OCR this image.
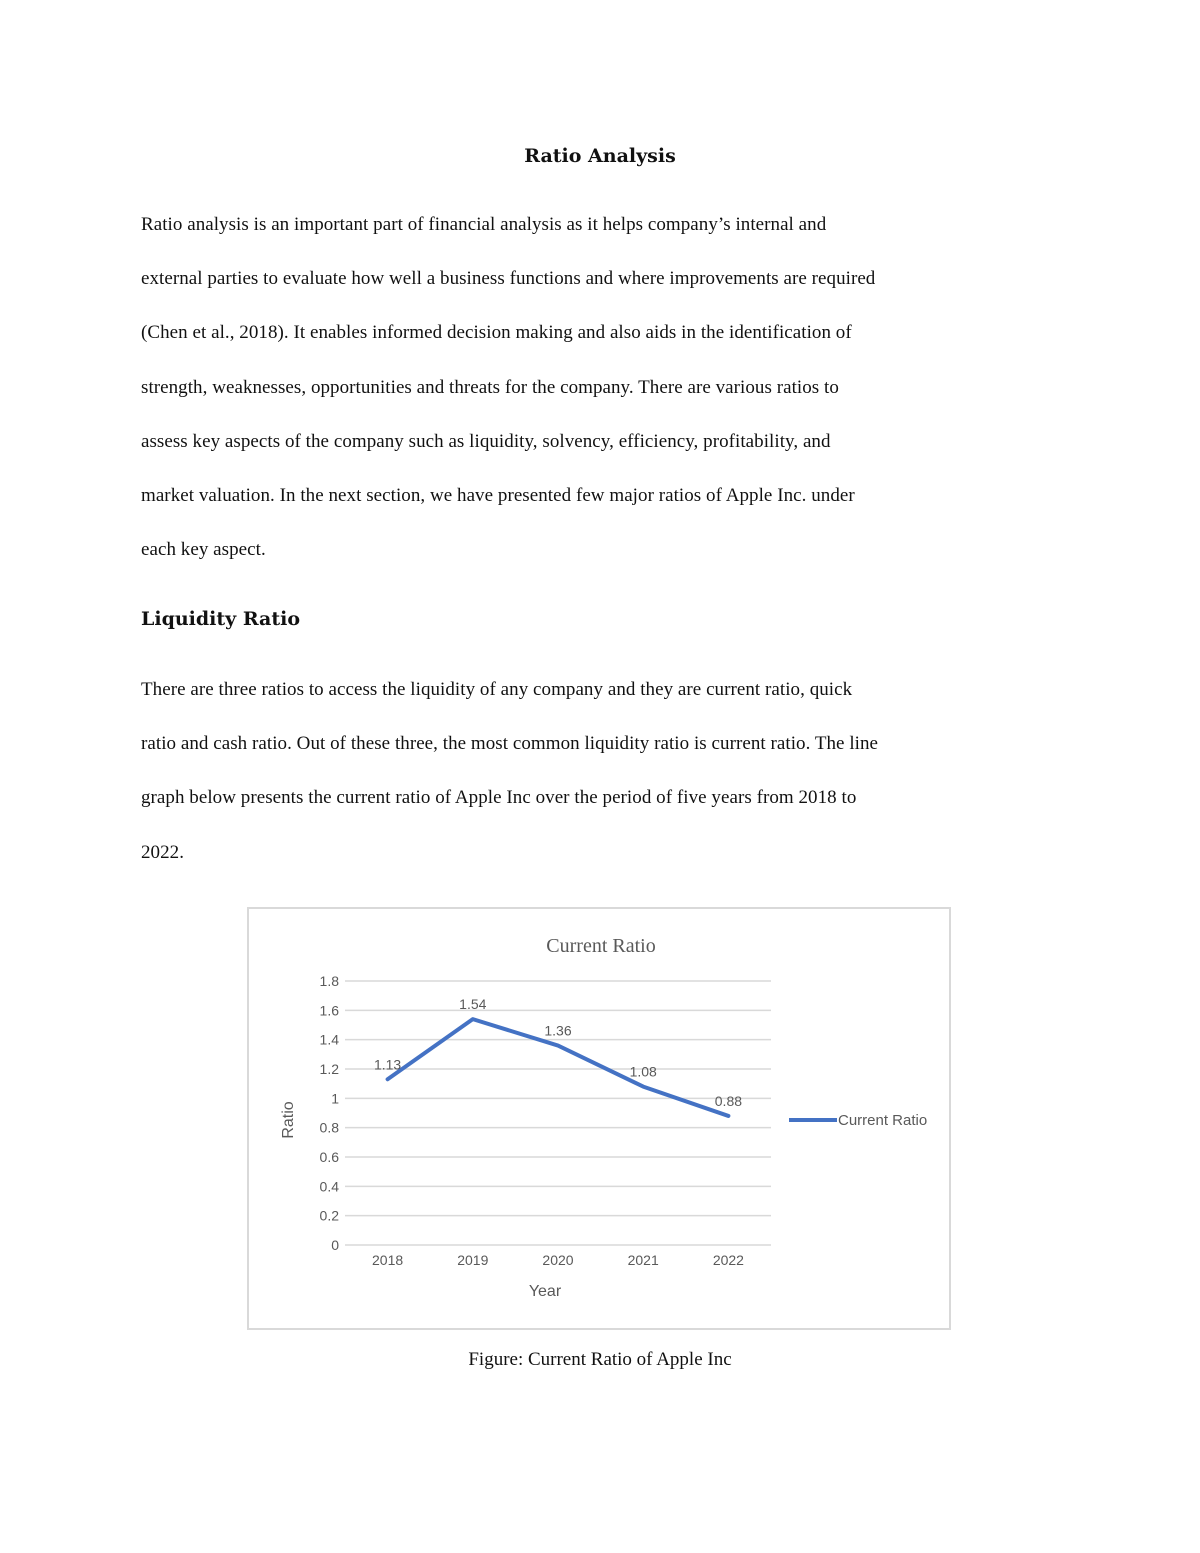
Ratio Analysis

Ratio analysis is an important part of financial analysis as it helps company’s internal and
external parties to evaluate how well a business functions and where improvements are required
(Chen et al., 2018). It enables informed decision making and also aids in the identification of
strength, weaknesses, opportunities and threats for the company. There are various ratios to
assess key aspects of the company such as liquidity, solvency, efficiency, profitability, and
market valuation. In the next section, we have presented few major ratios of Apple Inc. under
each key aspect.

Liquidity Ratio

There are three ratios to access the liquidity of any company and they are current ratio, quick
ratio and cash ratio. Out of these three, the most common liquidity ratio is current ratio. The line
graph below presents the current ratio of Apple Inc over the period of five years from 2018 to
2022.

Current Ratio
0
0.2
0.4
0.6
0.8
1
1.2
1.4
1.6
1.8
2018	2019	2020	2021	2022
1.13
1.54
1.36
1.08
0.88
Ratio
Year
Current Ratio
Figure: Current Ratio of Apple Inc
